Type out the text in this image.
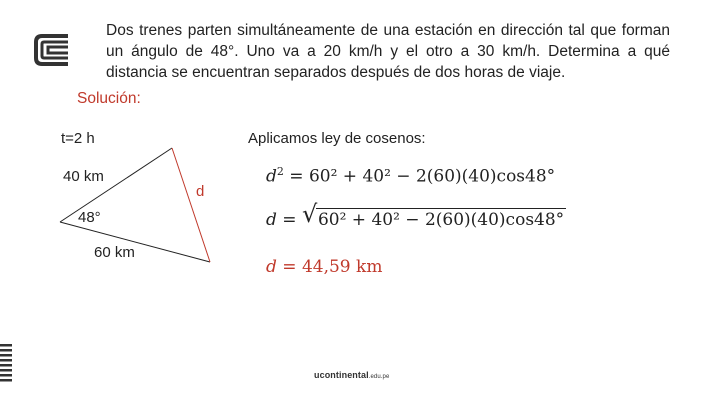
Dos trenes parten simultáneamente de una estación en dirección tal que forman un ángulo de 48°. Uno va a 20 km/h y el otro a 30 km/h. Determina a qué distancia se encuentran separados después de dos horas de viaje.
Solución:
t=2 h	Aplicamos ley de cosenos:
40 km
48°
60 km
d
$d^2 = 60^2 + 40^2 - 2(60)(40)\cos 48^\circ$
d = √ 60² + 40² − 2(60)(40)cos48°
d = 44,59 km
ucontinental.edu.pe
